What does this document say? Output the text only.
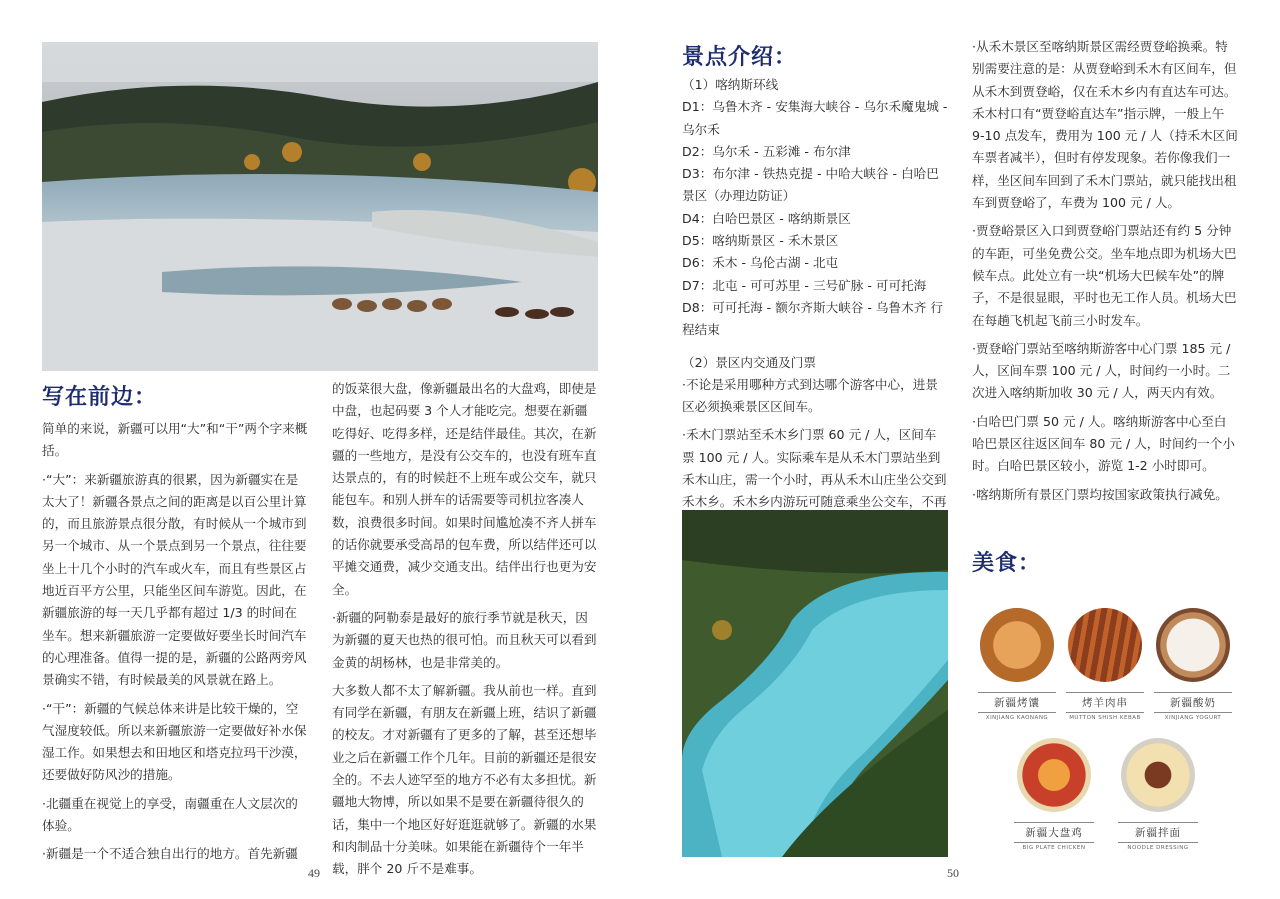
写在前边：

简单的来说，新疆可以用“大”和“干”两个字来概括。

·“大”：来新疆旅游真的很累，因为新疆实在是太大了！新疆各景点之间的距离是以百公里计算的，而且旅游景点很分散，有时候从一个城市到另一个城市、从一个景点到另一个景点，往往要坐上十几个小时的汽车或火车，而且有些景区占地近百平方公里，只能坐区间车游览。因此，在新疆旅游的每一天几乎都有超过 1/3 的时间在坐车。想来新疆旅游一定要做好要坐长时间汽车的心理准备。值得一提的是，新疆的公路两旁风景确实不错，有时候最美的风景就在路上。

·“干”：新疆的气候总体来讲是比较干燥的，空气湿度较低。所以来新疆旅游一定要做好补水保湿工作。如果想去和田地区和塔克拉玛干沙漠，还要做好防风沙的措施。

·北疆重在视觉上的享受，南疆重在人文层次的体验。

·新疆是一个不适合独自出行的地方。首先新疆

的饭菜很大盘，像新疆最出名的大盘鸡，即使是中盘，也起码要 3 个人才能吃完。想要在新疆吃得好、吃得多样，还是结伴最佳。其次，在新疆的一些地方，是没有公交车的，也没有班车直达景点的，有的时候赶不上班车或公交车，就只能包车。和别人拼车的话需要等司机拉客凑人数，浪费很多时间。如果时间尴尬凑不齐人拼车的话你就要承受高昂的包车费，所以结伴还可以平摊交通费，减少交通支出。结伴出行也更为安全。

·新疆的阿勒泰是最好的旅行季节就是秋天，因为新疆的夏天也热的很可怕。而且秋天可以看到金黄的胡杨林，也是非常美的。

大多数人都不太了解新疆。我从前也一样。直到有同学在新疆，有朋友在新疆上班，结识了新疆的校友。才对新疆有了更多的了解，甚至还想毕业之后在新疆工作个几年。目前的新疆还是很安全的。不去人迹罕至的地方不必有太多担忧。新疆地大物博，所以如果不是要在新疆待很久的话，集中一个地区好好逛逛就够了。新疆的水果和肉制品十分美味。如果能在新疆待个一年半载，胖个 20 斤不是难事。

49
景点介绍：

（1）喀纳斯环线

D1：乌鲁木齐 - 安集海大峡谷 - 乌尔禾魔鬼城 - 乌尔禾

D2：乌尔禾 - 五彩滩 - 布尔津

D3：布尔津 - 铁热克提 - 中哈大峡谷 - 白哈巴景区（办理边防证）

D4：白哈巴景区 - 喀纳斯景区

D5：喀纳斯景区 - 禾木景区

D6：禾木 - 乌伦古湖 - 北屯

D7：北屯 - 可可苏里 - 三号矿脉 - 可可托海

D8：可可托海 - 额尔齐斯大峡谷 - 乌鲁木齐 行程结束

（2）景区内交通及门票

·不论是采用哪种方式到达哪个游客中心，进景区必须换乘景区区间车。

·禾木门票站至禾木乡门票 60 元 / 人，区间车票 100 元 / 人。实际乘车是从禾木门票站坐到禾木山庄，需一个小时，再从禾木山庄坐公交到禾木乡。禾木乡内游玩可随意乘坐公交车，不再

·从禾木景区至喀纳斯景区需经贾登峪换乘。特别需要注意的是：从贾登峪到禾木有区间车，但从禾木到贾登峪，仅在禾木乡内有直达车可达。禾木村口有“贾登峪直达车”指示牌，一般上午 9-10 点发车，费用为 100 元 / 人（持禾木区间车票者减半），但时有停发现象。若你像我们一样，坐区间车回到了禾木门票站，就只能找出租车到贾登峪了，车费为 100 元 / 人。

·贾登峪景区入口到贾登峪门票站还有约 5 分钟的车距，可坐免费公交。坐车地点即为机场大巴候车点。此处立有一块“机场大巴候车处”的牌子，不是很显眼，平时也无工作人员。机场大巴在每趟飞机起飞前三小时发车。

·贾登峪门票站至喀纳斯游客中心门票 185 元 / 人，区间车票 100 元 / 人，时间约一小时。二次进入喀纳斯加收 30 元 / 人，两天内有效。

·白哈巴门票 50 元 / 人。喀纳斯游客中心至白哈巴景区往返区间车 80 元 / 人，时间约一个小时。白哈巴景区较小，游览 1-2 小时即可。

·喀纳斯所有景区门票均按国家政策执行减免。

美食：
新疆烤馕
XINJIANG KAONANG
烤羊肉串
MUTTON SHISH KEBAB
新疆酸奶
XINJIANG YOGURT
新疆大盘鸡
BIG PLATE CHICKEN
新疆拌面
NOODLE DRESSING
50
